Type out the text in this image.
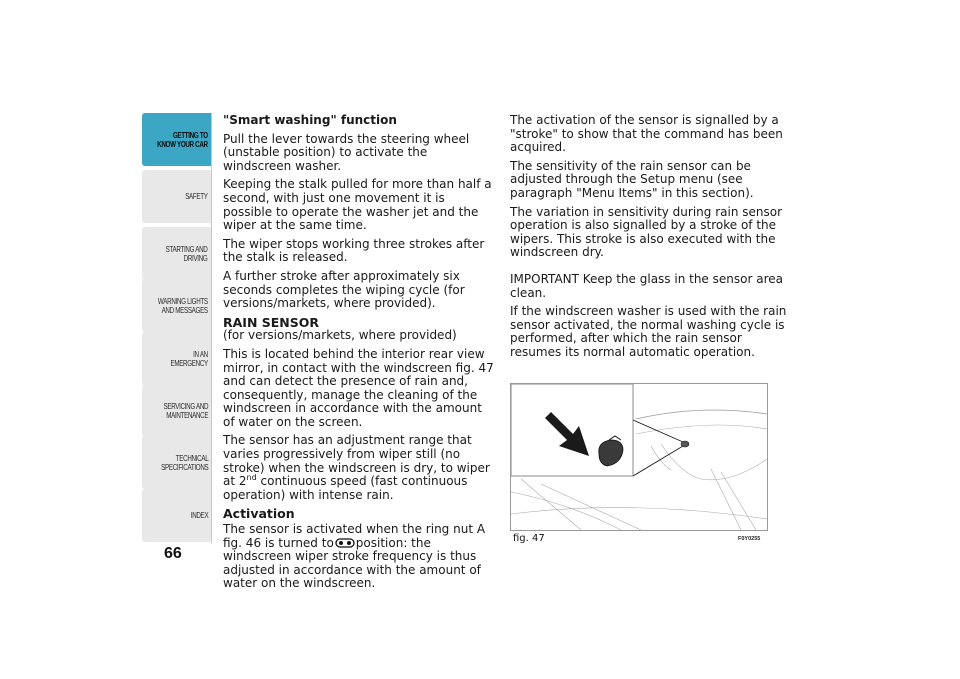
GETTING TO
KNOW YOUR CAR
SAFETY
STARTING AND
DRIVING
WARNING LIGHTS
AND MESSAGES
IN AN EMERGENCY
SERVICING AND
MAINTENANCE
TECHNICAL
SPECIFICATIONS
INDEX
66

"Smart washing" function

Pull the lever towards the steering wheel (unstable position) to activate the windscreen washer.

Keeping the stalk pulled for more than half a second, with just one movement it is possible to operate the washer jet and the wiper at the same time.

The wiper stops working three strokes after the stalk is released.

A further stroke after approximately six seconds completes the wiping cycle (for versions/markets, where provided).

RAIN SENSOR

(for versions/markets, where provided)

This is located behind the interior rear view mirror, in contact with the windscreen fig. 47 and can detect the presence of rain and, consequently, manage the cleaning of the windscreen in accordance with the amount of water on the screen.

The sensor has an adjustment range that varies progressively from wiper still (no stroke) when the windscreen is dry, to wiper at 2nd continuous speed (fast continuous operation) with intense rain.

Activation

The sensor is activated when the ring nut A fig. 46 is turned to position: the windscreen wiper stroke frequency is thus adjusted in accordance with the amount of water on the windscreen.

The activation of the sensor is signalled by a "stroke" to show that the command has been acquired.

The sensitivity of the rain sensor can be adjusted through the Setup menu (see paragraph "Menu Items" in this section).

The variation in sensitivity during rain sensor operation is also signalled by a stroke of the wipers. This stroke is also executed with the windscreen dry.

IMPORTANT Keep the glass in the sensor area clean.

If the windscreen washer is used with the rain sensor activated, the normal washing cycle is performed, after which the rain sensor resumes its normal automatic operation.

fig. 47	F0Y0255
